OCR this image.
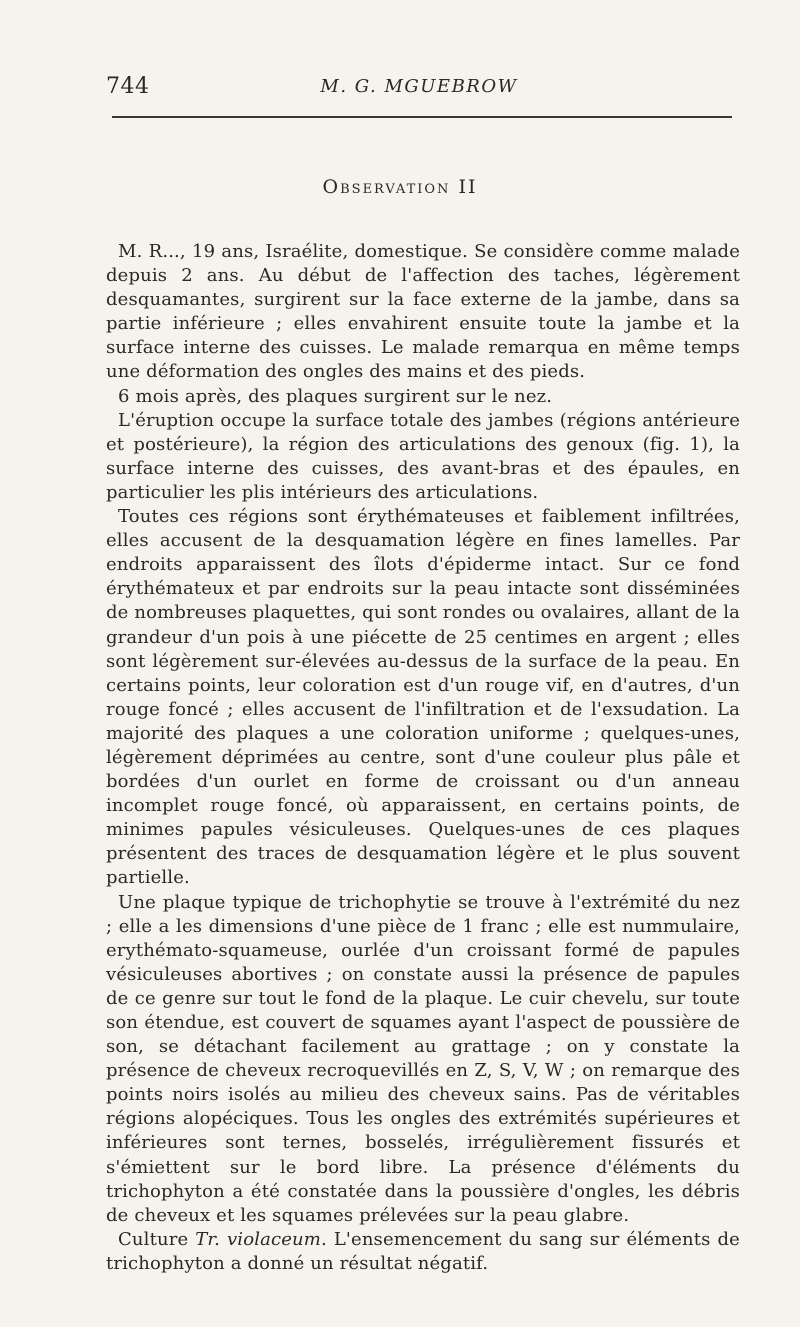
744	M. G. MGUEBROW
Observation II

M. R..., 19 ans, Israélite, domestique. Se considère comme malade depuis 2 ans. Au début de l'affection des taches, légèrement desquamantes, surgirent sur la face externe de la jambe, dans sa partie inférieure ; elles envahirent ensuite toute la jambe et la surface interne des cuisses. Le malade remarqua en même temps une déformation des ongles des mains et des pieds.

6 mois après, des plaques surgirent sur le nez.

L'éruption occupe la surface totale des jambes (régions antérieure et postérieure), la région des articulations des genoux (fig. 1), la surface interne des cuisses, des avant-bras et des épaules, en particulier les plis intérieurs des articulations.

Toutes ces régions sont érythémateuses et faiblement infiltrées, elles accusent de la desquamation légère en fines lamelles. Par endroits apparaissent des îlots d'épiderme intact. Sur ce fond érythémateux et par endroits sur la peau intacte sont disséminées de nombreuses plaquettes, qui sont rondes ou ovalaires, allant de la grandeur d'un pois à une piécette de 25 centimes en argent ; elles sont légèrement sur-élevées au-dessus de la surface de la peau. En certains points, leur coloration est d'un rouge vif, en d'autres, d'un rouge foncé ; elles accusent de l'infiltration et de l'exsudation. La majorité des plaques a une coloration uniforme ; quelques-unes, légèrement déprimées au centre, sont d'une couleur plus pâle et bordées d'un ourlet en forme de croissant ou d'un anneau incomplet rouge foncé, où apparaissent, en certains points, de minimes papules vésiculeuses. Quelques-unes de ces plaques présentent des traces de desquamation légère et le plus souvent partielle.

Une plaque typique de trichophytie se trouve à l'extrémité du nez ; elle a les dimensions d'une pièce de 1 franc ; elle est nummulaire, erythémato-squameuse, ourlée d'un croissant formé de papules vésiculeuses abortives ; on constate aussi la présence de papules de ce genre sur tout le fond de la plaque. Le cuir chevelu, sur toute son étendue, est couvert de squames ayant l'aspect de poussière de son, se détachant facilement au grattage ; on y constate la présence de cheveux recroquevillés en Z, S, V, W ; on remarque des points noirs isolés au milieu des cheveux sains. Pas de véritables régions alopéciques. Tous les ongles des extrémités supérieures et inférieures sont ternes, bosselés, irrégulièrement fissurés et s'émiettent sur le bord libre. La présence d'éléments du trichophyton a été constatée dans la poussière d'ongles, les débris de cheveux et les squames prélevées sur la peau glabre.

Culture Tr. violaceum. L'ensemencement du sang sur éléments de trichophyton a donné un résultat négatif.
